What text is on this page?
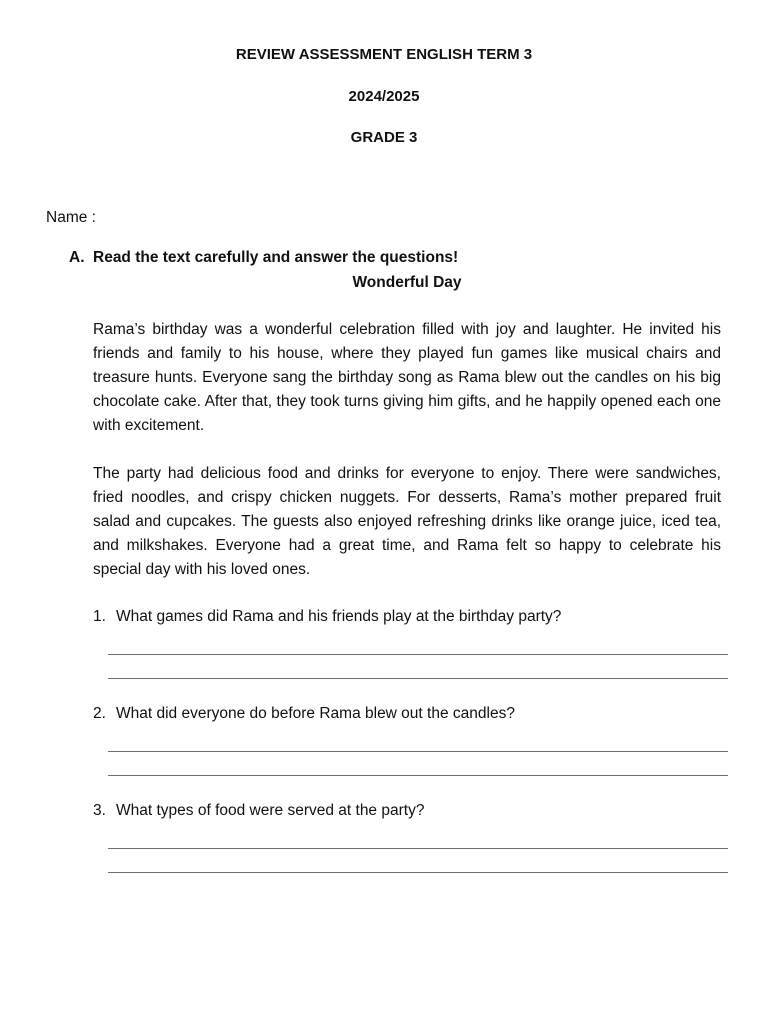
REVIEW ASSESSMENT ENGLISH TERM 3
2024/2025
GRADE 3
Name :
A. Read the text carefully and answer the questions!
Wonderful Day

Rama’s birthday was a wonderful celebration filled with joy and laughter. He invited his friends and family to his house, where they played fun games like musical chairs and treasure hunts. Everyone sang the birthday song as Rama blew out the candles on his big chocolate cake. After that, they took turns giving him gifts, and he happily opened each one with excitement.

The party had delicious food and drinks for everyone to enjoy. There were sandwiches, fried noodles, and crispy chicken nuggets. For desserts, Rama’s mother prepared fruit salad and cupcakes. The guests also enjoyed refreshing drinks like orange juice, iced tea, and milkshakes. Everyone had a great time, and Rama felt so happy to celebrate his special day with his loved ones.

1. What games did Rama and his friends play at the birthday party?
2. What did everyone do before Rama blew out the candles?
3. What types of food were served at the party?
